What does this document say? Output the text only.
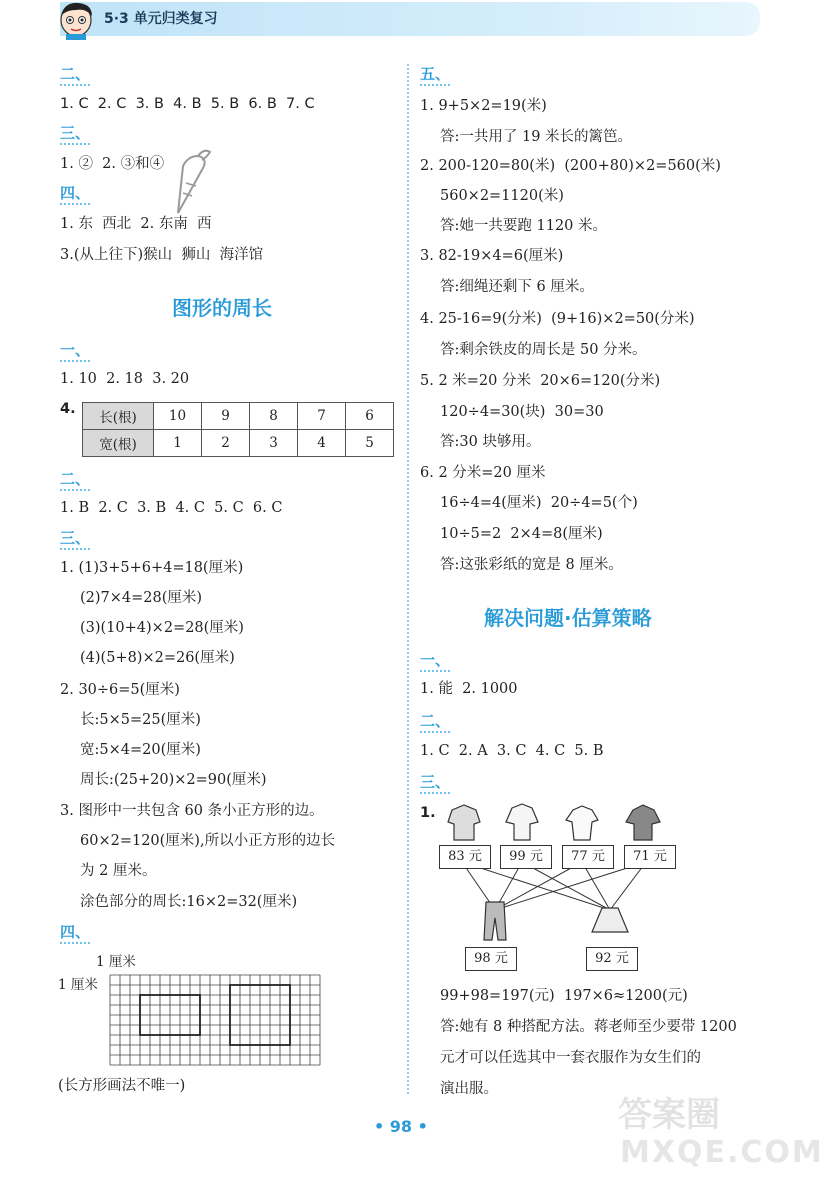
5·3 单元归类复习
二、
1. C  2. C  3. B  4. B  5. B  6. B  7. C
三、
1. ②  2. ③和④
四、
1. 东  西北  2. 东南  西
3.(从上往下)猴山  狮山  海洋馆
图形的周长
一、
1. 10  2. 18  3. 20
4.
长(根)	10	9	8	7	6
宽(根)	1	2	3	4	5
二、
1. B  2. C  3. B  4. C  5. C  6. C
三、
1. (1)3+5+6+4=18(厘米)
(2)7×4=28(厘米)
(3)(10+4)×2=28(厘米)
(4)(5+8)×2=26(厘米)
2. 30÷6=5(厘米)
长:5×5=25(厘米)
宽:5×4=20(厘米)
周长:(25+20)×2=90(厘米)
3. 图形中一共包含 60 条小正方形的边。
60×2=120(厘米),所以小正方形的边长
为 2 厘米。
涂色部分的周长:16×2=32(厘米)
四、
1 厘米
1 厘米
(长方形画法不唯一)
五、
1. 9+5×2=19(米)
答:一共用了 19 米长的篱笆。
2. 200-120=80(米)  (200+80)×2=560(米)
560×2=1120(米)
答:她一共要跑 1120 米。
3. 82-19×4=6(厘米)
答:细绳还剩下 6 厘米。
4. 25-16=9(分米)  (9+16)×2=50(分米)
答:剩余铁皮的周长是 50 分米。
5. 2 米=20 分米  20×6=120(分米)
120÷4=30(块)  30=30
答:30 块够用。
6. 2 分米=20 厘米
16÷4=4(厘米)  20÷4=5(个)
10÷5=2  2×4=8(厘米)
答:这张彩纸的宽是 8 厘米。
解决问题·估算策略
一、
1. 能  2. 1000
二、
1. C  2. A  3. C  4. C  5. B
三、
1.
83 元	99 元	77 元	71 元
98 元	92 元
99+98=197(元)  197×6≈1200(元)
答:她有 8 种搭配方法。蒋老师至少要带 1200
元才可以任选其中一套衣服作为女生们的
演出服。
• 98 •	答案圈
MXQE.COM
